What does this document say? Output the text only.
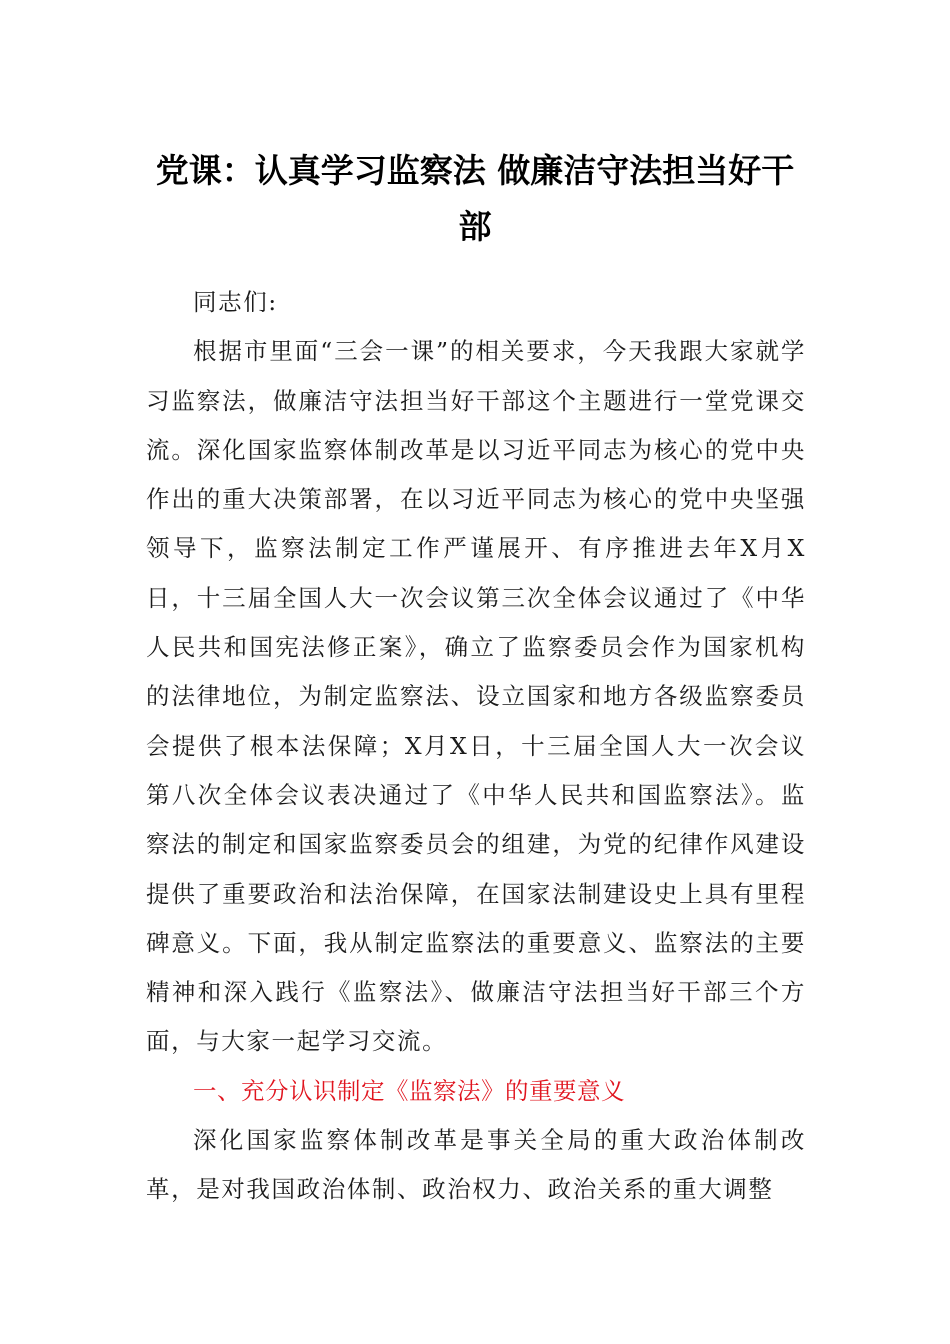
党课：认真学习监察法 做廉洁守法担当好干部

同志们:

根据市里面“三会一课”的相关要求，今天我跟大家就学习监察法，做廉洁守法担当好干部这个主题进行一堂党课交流。深化国家监察体制改革是以习近平同志为核心的党中央作出的重大决策部署，在以习近平同志为核心的党中央坚强领导下，监察法制定工作严谨展开、有序推进去年X月X日，十三届全国人大一次会议第三次全体会议通过了《中华人民共和国宪法修正案》，确立了监察委员会作为国家机构的法律地位，为制定监察法、设立国家和地方各级监察委员会提供了根本法保障；X月X日，十三届全国人大一次会议第八次全体会议表决通过了《中华人民共和国监察法》。监察法的制定和国家监察委员会的组建，为党的纪律作风建设提供了重要政治和法治保障，在国家法制建设史上具有里程碑意义。下面，我从制定监察法的重要意义、监察法的主要精神和深入践行《监察法》、做廉洁守法担当好干部三个方面，与大家一起学习交流。

一、充分认识制定《监察法》的重要意义

深化国家监察体制改革是事关全局的重大政治体制改革，是对我国政治体制、政治权力、政治关系的重大调整
